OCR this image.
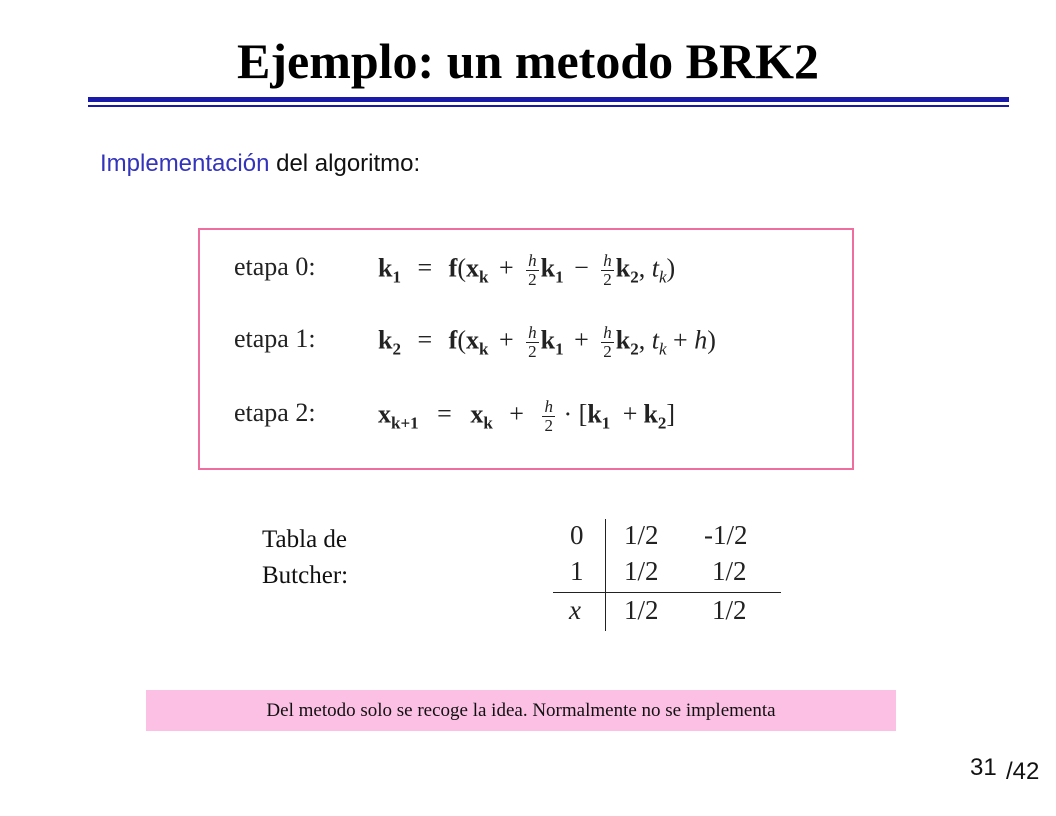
Ejemplo: un metodo BRK2
Implementación del algoritmo:
etapa 0: $k_1 = f(x_k + \frac{h}{2} k_1 - \frac{h}{2} k_2$, $t_k$)
etapa 1: $k_2 = f(x_k + \frac{h}{2} k_1 + \frac{h}{2} k_2$, $t_k + h$)
etapa 2: $x_{k+1} = x_k + \frac{h}{2} \cdot [k_1 + k_2]$
Tabla de
Butcher:
0 1/2 -1/2
1 1/2 1/2
x 1/2 1/2
Del metodo solo se recoge la idea. Normalmente no se implementa
31 /42
